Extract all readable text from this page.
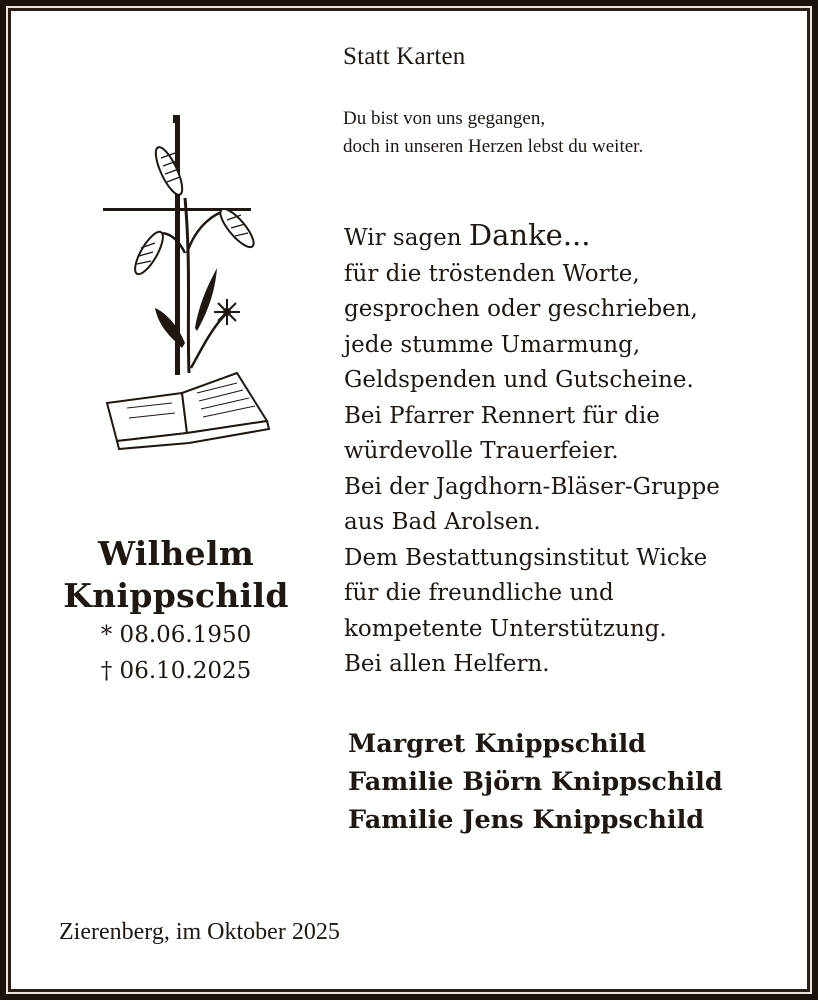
Statt Karten
Du bist von uns gegangen,
doch in unseren Herzen lebst du weiter.
Wir sagen Danke...
für die tröstenden Worte,
gesprochen oder geschrieben,
jede stumme Umarmung,
Geldspenden und Gutscheine.
Bei Pfarrer Rennert für die
würdevolle Trauerfeier.
Bei der Jagdhorn-Bläser-Gruppe
aus Bad Arolsen.
Dem Bestattungsinstitut Wicke
für die freundliche und
kompetente Unterstützung.
Bei allen Helfern.
Wilhelm
Knippschild
* 08.06.1950
† 06.10.2025
Margret Knippschild
Familie Björn Knippschild
Familie Jens Knippschild
Zierenberg, im Oktober 2025
